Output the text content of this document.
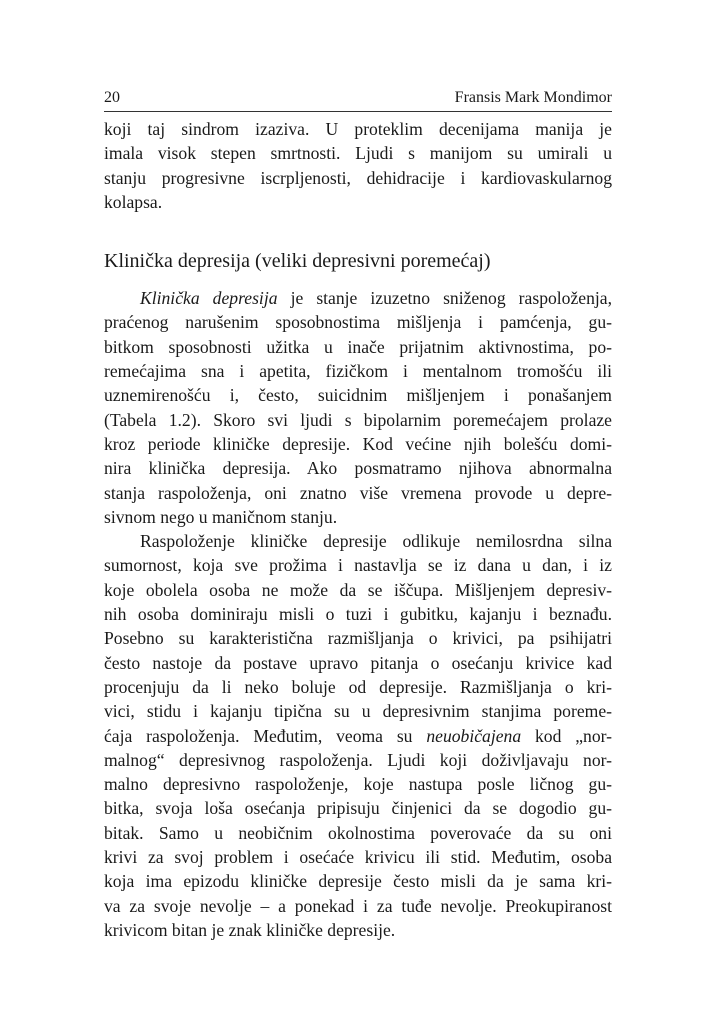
20	Fransis Mark Mondimor

koji taj sindrom izaziva. U proteklim decenijama manija je
imala visok stepen smrtnosti. Ljudi s manijom su umirali u
stanju progresivne iscrpljenosti, dehidracije i kardiovaskularnog
kolapsa.

Klinička depresija (veliki depresivni poremećaj)

Klinička depresija je stanje izuzetno sniženog raspoloženja,
praćenog narušenim sposobnostima mišljenja i pamćenja, gu-
bitkom sposobnosti užitka u inače prijatnim aktivnostima, po-
remećajima sna i apetita, fizičkom i mentalnom tromošću ili
uznemirenošću i, često, suicidnim mišljenjem i ponašanjem
(Tabela 1.2). Skoro svi ljudi s bipolarnim poremećajem prolaze
kroz periode kliničke depresije. Kod većine njih bolešću domi-
nira klinička depresija. Ako posmatramo njihova abnormalna
stanja raspoloženja, oni znatno više vremena provode u depre-
sivnom nego u maničnom stanju.

Raspoloženje kliničke depresije odlikuje nemilosrdna silna
sumornost, koja sve prožima i nastavlja se iz dana u dan, i iz
koje obolela osoba ne može da se iščupa. Mišljenjem depresiv-
nih osoba dominiraju misli o tuzi i gubitku, kajanju i beznađu.
Posebno su karakteristična razmišljanja o krivici, pa psihijatri
često nastoje da postave upravo pitanja o osećanju krivice kad
procenjuju da li neko boluje od depresije. Razmišljanja o kri-
vici, stidu i kajanju tipična su u depresivnim stanjima poreme-
ćaja raspoloženja. Međutim, veoma su neuobičajena kod „nor-
malnog“ depresivnog raspoloženja. Ljudi koji doživljavaju nor-
malno depresivno raspoloženje, koje nastupa posle ličnog gu-
bitka, svoja loša osećanja pripisuju činjenici da se dogodio gu-
bitak. Samo u neobičnim okolnostima poverovaće da su oni
krivi za svoj problem i osećaće krivicu ili stid. Međutim, osoba
koja ima epizodu kliničke depresije često misli da je sama kri-
va za svoje nevolje – a ponekad i za tuđe nevolje. Preokupiranost
krivicom bitan je znak kliničke depresije.
